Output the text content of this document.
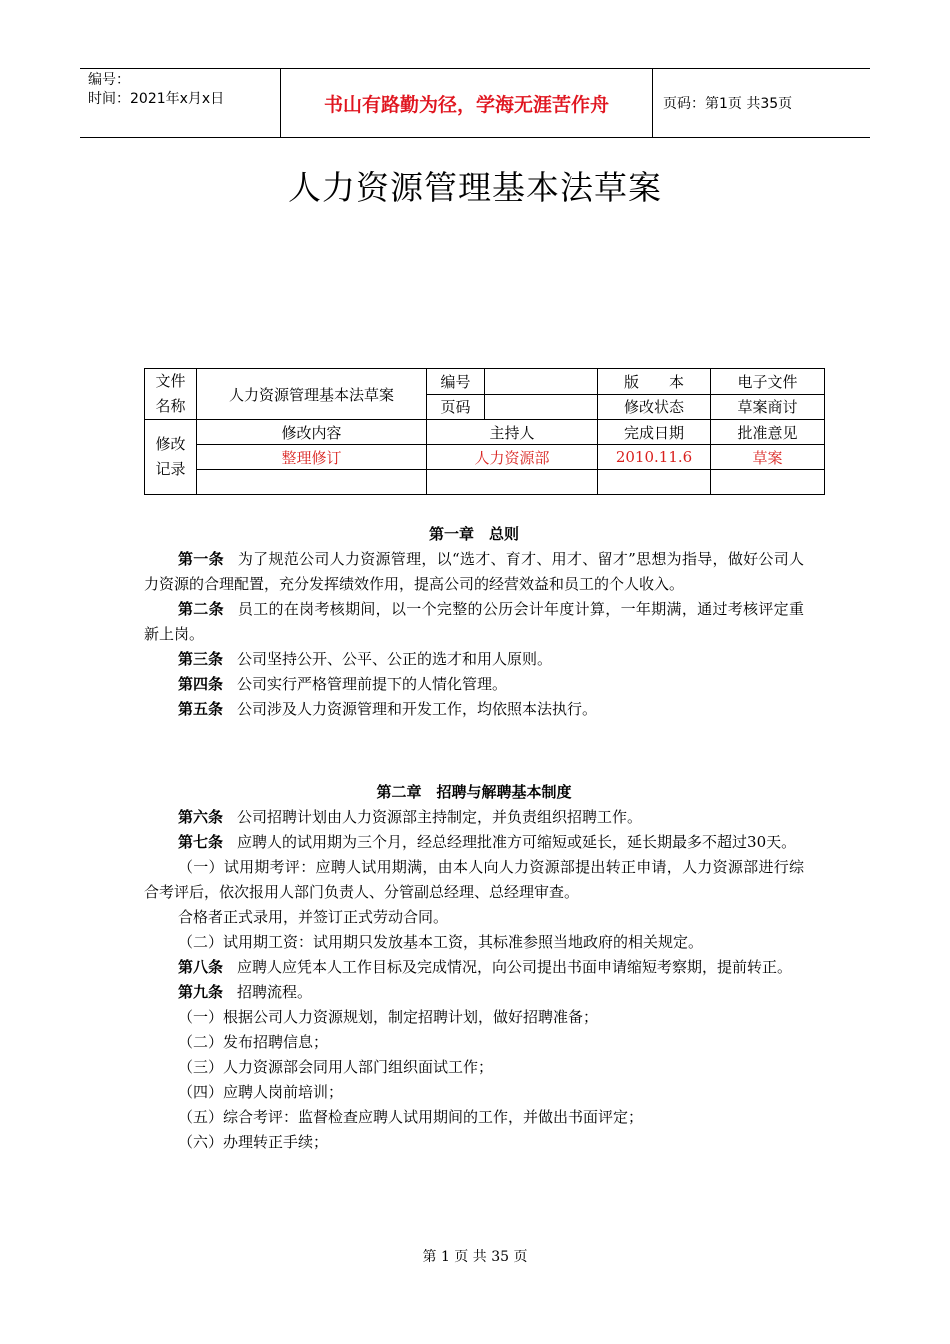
编号：
时间：2021年x月x日	书山有路勤为径，学海无涯苦作舟	页码：第1页 共35页
人力资源管理基本法草案
文件
名称	人力资源管理基本法草案	编号		版　　本	电子文件
		页码		修改状态	草案商讨
修改
记录	修改内容	主持人		完成日期	批准意见
	整理修订	人力资源部		2010.11.6	草案

第一章　总则

第一条 为了规范公司人力资源管理，以“选才、育才、用才、留才”思想为指导，做好公司人力资源的合理配置，充分发挥绩效作用，提高公司的经营效益和员工的个人收入。

第二条 员工的在岗考核期间，以一个完整的公历会计年度计算，一年期满，通过考核评定重新上岗。

第三条 公司坚持公开、公平、公正的选才和用人原则。

第四条 公司实行严格管理前提下的人情化管理。

第五条 公司涉及人力资源管理和开发工作，均依照本法执行。

第二章　招聘与解聘基本制度

第六条 公司招聘计划由人力资源部主持制定，并负责组织招聘工作。

第七条 应聘人的试用期为三个月，经总经理批准方可缩短或延长，延长期最多不超过30天。

（一）试用期考评：应聘人试用期满，由本人向人力资源部提出转正申请，人力资源部进行综合考评后，依次报用人部门负责人、分管副总经理、总经理审查。

合格者正式录用，并签订正式劳动合同。

（二）试用期工资：试用期只发放基本工资，其标准参照当地政府的相关规定。

第八条 应聘人应凭本人工作目标及完成情况，向公司提出书面申请缩短考察期，提前转正。

第九条 招聘流程。

（一）根据公司人力资源规划，制定招聘计划，做好招聘准备；

（二）发布招聘信息；

（三）人力资源部会同用人部门组织面试工作；

（四）应聘人岗前培训；

（五）综合考评：监督检查应聘人试用期间的工作，并做出书面评定；

（六）办理转正手续；

第 1 页 共 35 页
